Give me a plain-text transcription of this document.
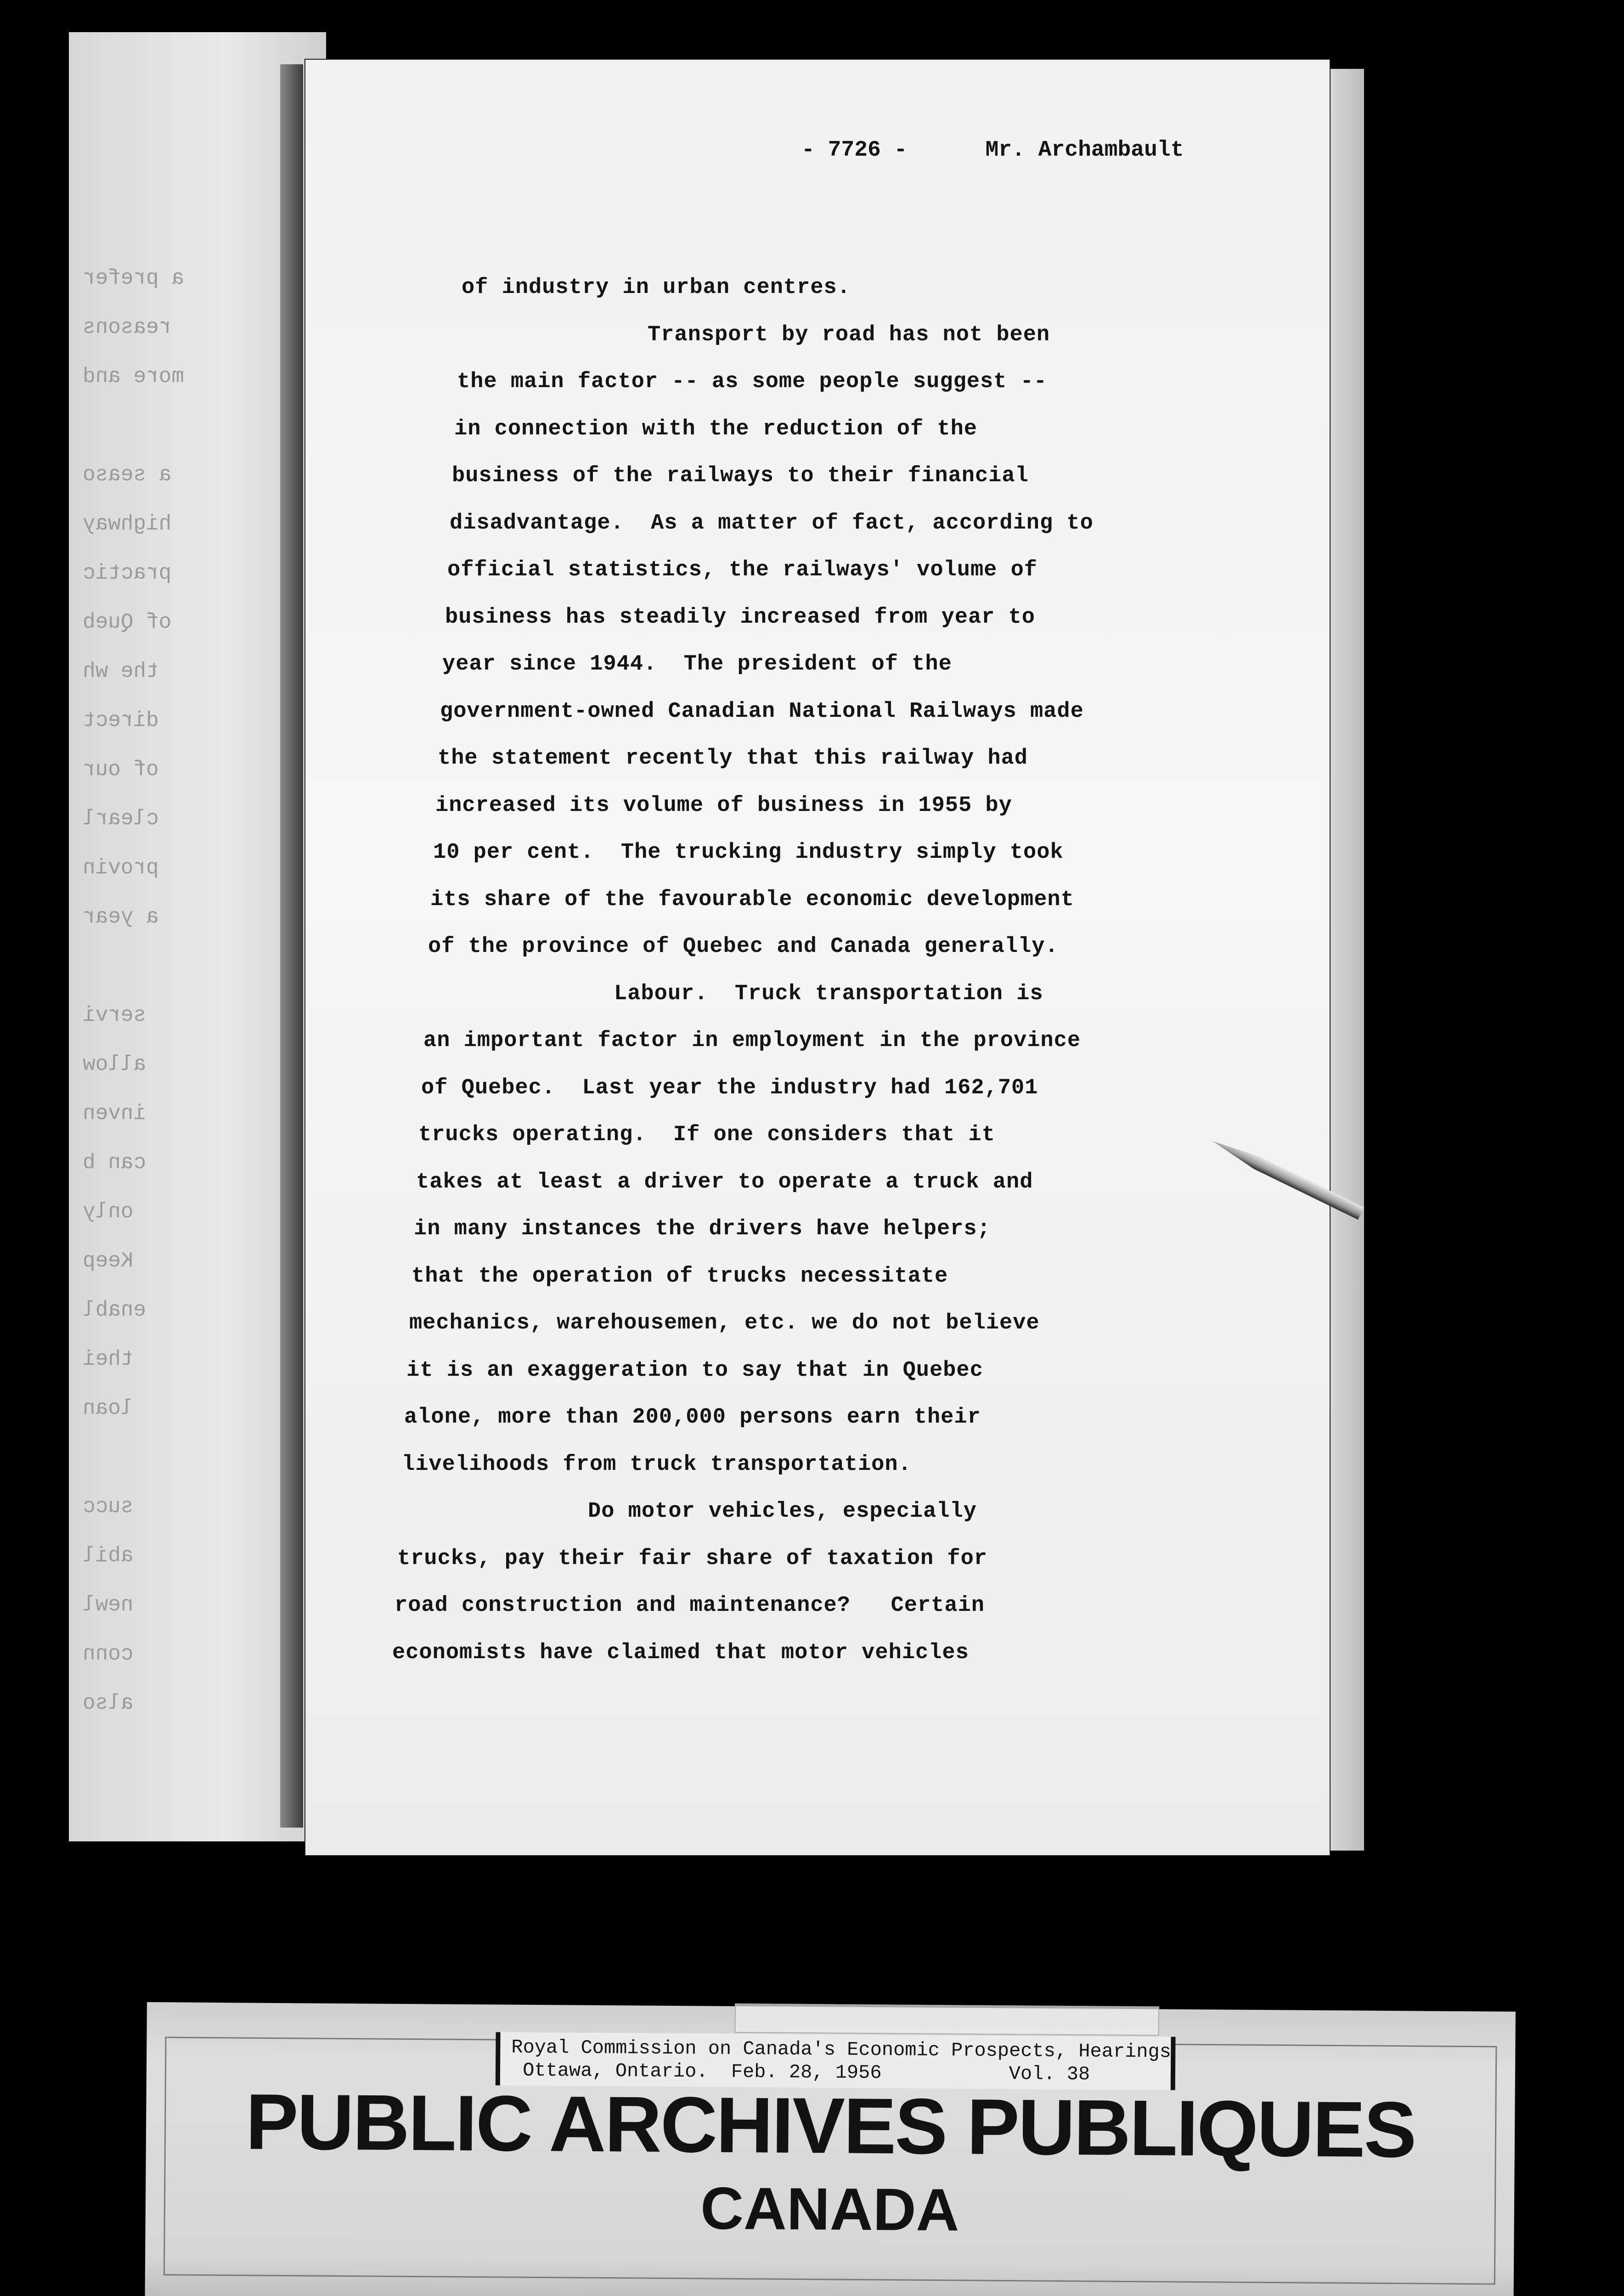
a prefer
reasons
more and
a seaso
highway
practic
of Queb
the wh
direct
of our
clearl
provin
a year
servi
allow
inven
can b
only
Keep
enabl
thei
loan
succ
abil
newl
conn
also
- 7726 -	Mr. Archambault
of industry in urban centres.
Transport by road has not been
the main factor -- as some people suggest --
in connection with the reduction of the
business of the railways to their financial
disadvantage.  As a matter of fact, according to
official statistics, the railways' volume of
business has steadily increased from year to
year since 1944.  The president of the
government-owned Canadian National Railways made
the statement recently that this railway had
increased its volume of business in 1955 by
10 per cent.  The trucking industry simply took
its share of the favourable economic development
of the province of Quebec and Canada generally.
Labour.  Truck transportation is
an important factor in employment in the province
of Quebec.  Last year the industry had 162,701
trucks operating.  If one considers that it
takes at least a driver to operate a truck and
in many instances the drivers have helpers;
that the operation of trucks necessitate
mechanics, warehousemen, etc. we do not believe
it is an exaggeration to say that in Quebec
alone, more than 200,000 persons earn their
livelihoods from truck transportation.
Do motor vehicles, especially
trucks, pay their fair share of taxation for
road construction and maintenance?   Certain
economists have claimed that motor vehicles
Royal Commission on Canada's Economic Prospects, Hearings
Ottawa, Ontario.  Feb. 28, 1956           Vol. 38
PUBLIC ARCHIVES PUBLIQUES
CANADA
